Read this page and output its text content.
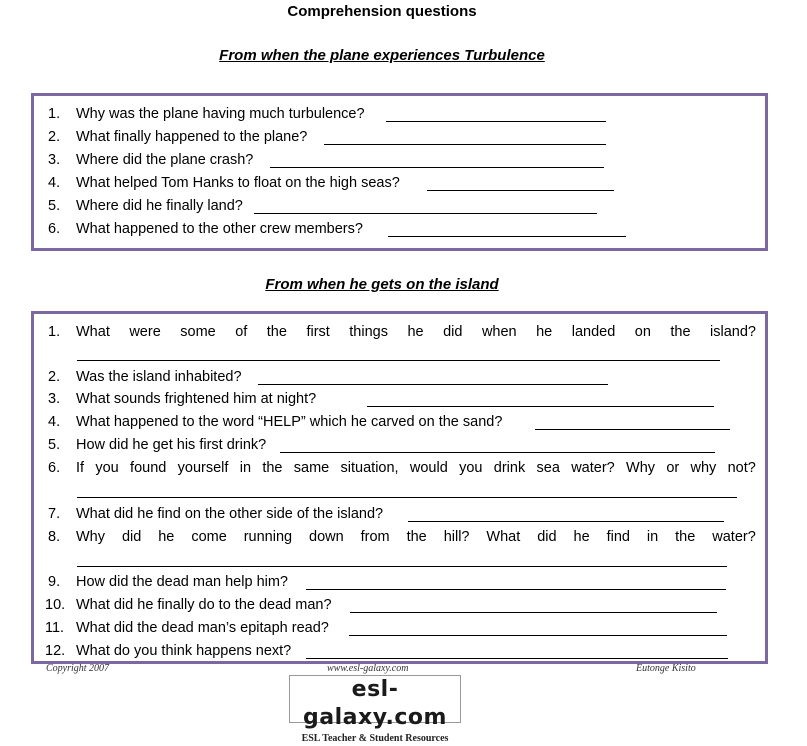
Comprehension questions
From when the plane experiences Turbulence
1. Why was the plane having much turbulence?
2. What finally happened to the plane?
3. Where did the plane crash?
4. What helped Tom Hanks to float on the high seas?
5. Where did he finally land?
6. What happened to the other crew members?
From when he gets on the island
1. What were some of the first things he did when he landed on the island?
2. Was the island inhabited?
3. What sounds frightened him at night?
4. What happened to the word “HELP” which he carved on the sand?
5. How did he get his first drink?
6. If you found yourself in the same situation, would you drink sea water? Why or why not?
7. What did he find on the other side of the island?
8. Why did he come running down from the hill? What did he find in the water?
9. How did the dead man help him?
10. What did he finally do to the dead man?
11. What did the dead man’s epitaph read?
12. What do you think happens next?
Copyright 2007	www.esl-galaxy.com	Eutonge Kisito
esl-galaxy.com
ESL Teacher & Student Resources
